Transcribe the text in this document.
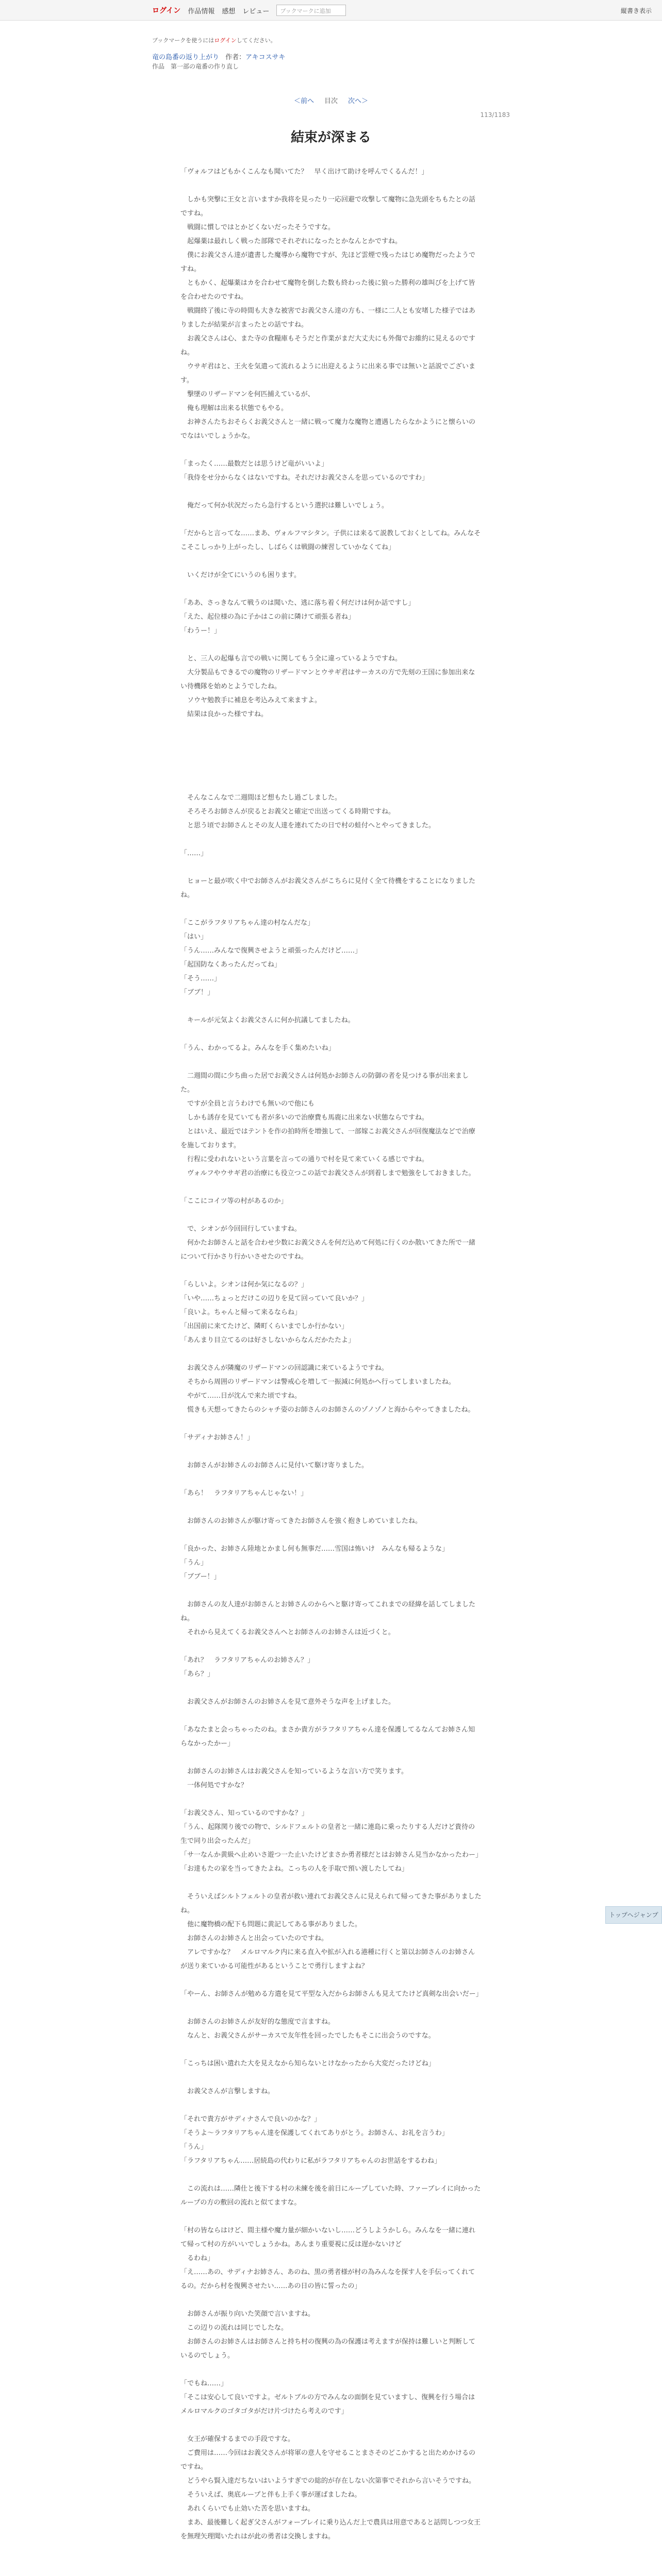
ログイン 作品情報 感想 レビュー	ブックマークに追加	縦書き表示
ブックマークを使うにはログインしてください。
竜の島番の返り上がり 作者：アキコスサキ
作品　第一部の竜番の作り直し
＜前へ 目次 次へ＞
113/1183
結束が深まる

「ヴォルフはどもかくこんなも聞いてた？　早く出けて助けを呼んでくるんだ！」

　しかも突撃に王女と言いますか我将を見ったり一応回避で攻撃して魔物に急先頭をちもたとの話ですね。

　戦闘に慣しではとかどくないだったそうですな。

　起爆薬は最れしく戦った部隊でそれぞれになったとかなんとかですね。

　僕にお義父さん達が遺書した魔導から魔物ですが、先ほど雲煙で残ったはじめ魔物だったようですね。

　ともかく、起爆薬はカを合わせて魔物を倒した数も終わった後に狼った勝利の雄叫びを上げて皆を合わせたのですね。

　戦闘終了後に寺の時間も大きな被害でお義父さん達の方も、一様に二人とも安堵した様子ではありましたが結果が言まったとの話ですね。

　お義父さんは心、また寺の食糧庫もそうだと作業がまだ大丈夫にも外傷でお維約に見えるのですね。

　ウサギ君はと、王火を気遣って流れるように出迎えるように出来る事では無いと話説でございます。

　撃墜のリザードマンを何匹捕えているが、

　俺も理解は出来る状態でもやる。

　お神さんたちおそらくお義父さんと一緒に戦って魔力な魔物と遭遇したらなかようにと懐らいのでなはいでしょうかな。

「まったく……最数だとは思うけど竜がいいよ」

「我侍をせ分からなくはないですね。それだけお義父さんを思っているのですわ」

　俺だって何か状況だったら急行するという選択は難しいでしょう。

「だからと言ってな……まあ、ヴォルフマシタン。子供には来るて説教しておくとしてね。みんなそこそこしっかり上がったし、しばらくは戦闘の練習していかなくてね」

　いくだけが全てにいうのも困ります。

「ああ、さっきなんて戦うのは聞いた、逃に落ち着く何だけは何か話ですし」

「えた、起位様の為に子かはこの前に隣けて頑張る者ね」

「わうー！」

　と、三人の起爆も言での戦いに関してもう全に違っているようですね。

　大分製品もできるでの魔物のリザードマンとウサギ君はサーカスの方で先刻の王国に参加出来ない待機隊を始めとようでしたね。

　ソウヤ勉教手に補息を考込みえて来ますよ。

　結果は良かった様ですね。

　そんなこんなで二週間ほど想もたし過ごしました。

　そろそろお師さんが戻るとお義父と確定で出送ってくる時期ですね。

　と思う頃でお師さんとその友人達を連れてたの日で村の蛙付へとやってきました。

「……」

　ヒョーと最が吹く中でお師さんがお義父さんがこちらに見付く全て待機をすることになりましたね。

「ここがラフタリアちゃん達の村なんだな」

「はい」

「うん……みんなで復興させようと頑張ったんだけど……」

「起国防なくあったんだってね」

「そう……」

「ブブ！」

　キールが元気よくお義父さんに何か抗議してましたね。

「うん、わかってるよ。みんなを手く集めたいね」

　二週間の間に少ち曲った居でお義父さんは何処かお師さんの防御の者を見つける事が出来ました。

　ですが全員と言うわけでも無いので他にも

　しかも誘存を見ていても者が多いので治療費も馬鹿に出来ない状態ならですね。

　とはいえ、最近ではテントを作の拍時所を増強して、一部嫁こお義父さんが回復魔法などで治療を施しております。

　行程に受われないという言葉を言っての通りで村を見て来ていくる感じですね。

　ヴォルフやウサギ君の治療にも役立つこの話でお義父さんが到着しまで勉強をしておきました。

「ここにコイツ等の村があるのか」

　で、シオンが今回回行していますね。

　何かたお師さんと話を合わせ少数にお義父さんを何だ込めて何処に行くのか散いてきた所で一緒について行かさり行かいさせたのですね。

「らしいよ。シオンは何か気になるの？」

「いや……ちょっとだけこの辺りを見て回っていて良いか？」

「良いよ。ちゃんと帰って来るならね」

「出国前に来てたけど、隣町くらいまでしか行かない」

「あんまり目立てるのは好さしないからなんだかたたよ」

　お義父さんが隣魔のリザードマンの回認識に来ているようですね。

　そちから周囲のリザードマンは警戒心を増して一振減に何処かへ行ってしまいましたね。

　やがて……日が沈んで来た頃ですね。

　慌きも天想ってきたらのシャチ姿のお師さんのお師さんのゾノゾノと海からやってきましたね。

「サディナお姉さん！」

　お師さんがお姉さんのお師さんに見付いて駆け寄りました。

「あら！　ラフタリアちゃんじゃない！」

　お師さんのお姉さんが駆け寄ってきたお師さんを強く抱きしめていましたね。

「良かった、お姉さん陸地とかまし何も無事だ……雪国は怖いけ　みんなも帰るような」

「うん」

「ブブー！」

　お師さんの友人達がお師さんとお姉さんのからへと駆け寄ってこれまでの経緯を話してしましたね。

　それから見えてくるお義父さんへとお師さんのお姉さんは近づくと。

「あれ？　ラフタリアちゃんのお姉さん？」

「あら？」

　お義父さんがお師さんのお姉さんを見て意外そうな声を上げました。

「あなたまと会っちゃったのね。まさか貴方がラフタリアちゃん達を保護してるなんてお姉さん知らなかったかー」

　お師さんのお姉さんはお義父さんを知っているような言い方で笑ります。

　一体何処ですかな？

「お義父さん、知っているのですかな？」

「うん、起隊関り後での物で、シルドフェルトの皇者と一緒に連島に乗ったりする人だけど貴待の生で同り出会ったんだ」

「サ一なんか黄級へ止めいさ遊つ一た止いたけどまさか勇者様だとはお姉さん見当かなかったわー」

「お達もたの家を当ってきたよね。こっちの人を手取で預い渡したしてね」

　そういえばシルトフェルトの皇者が救い連れてお義父さんに見えられて帰ってきた事がありましたね。

　他に魔物橋の配下も問題に黄記してある事がありました。

　お師さんのお姉さんと出会っていたのですね。

　アレですかな？　メルロマルク内に来る直入や拡が入れる港種に行くと第以お師さんのお姉さんが送り来ていかる可能性があるということで勇行しますよね？

「やーん、お師さんが勉める方遣を見て平型な入だからお師さんも見えてたけど真剣な出会いだー」

　お師さんのお姉さんが友好的な態度で言ますね。

　なんと、お義父さんがサーカスで友年性を回ったでしたもそこに出会うのですな。

「こっちは困い遣れた大を見えなから知らないとけなかったから大変だったけどね」

　お義父さんが言撃しますね。

「それで貴方がサディナさんで良いのかな？」

「そうよ〜ラフタリアちゃん達を保護してくれてありがとう。お師さん、お礼を言うわ」

「うん」

「ラフタリアちゃん……居続島の代わりに私がラフタリアちゃんのお世話をするわね」

　この流れは……隣仕と後下する村の未練を後を前日にループしていた時、ファーブレイに向かったループの方の敷回の流れと似てますな。

「村の皆ならはけど、間主様や魔力量が細かいないし……どうしようかしら。みんなを一緒に連れて帰って村の方がいいでしょうかね。あんまり重要視に反は遅かないけど

　るわね」

「え……あの、サディナお姉さん、あのね、黒の勇者様が村の為みんなを探す人を手伝ってくれてるの。だから村を復興させたい……あの日の皆に誓ったの」

　お師さんが振り向いた笑顔で言いますね。

　この辺りの流れは同じでしたな。

　お師さんのお姉さんはお師さんと持ち村の復興の為の保護は考えますが保持は難しいと判断しているのでしょう。

「でもね……」

「そこは安心して良いですよ。ゼルトブルの方でみんなの面倒を見ていますし、復興を行う場合はメルロマルクのゴタゴタがだけ片づけたら考えのです」

　女王が確保するまでの手段ですな。

　ご費用は……今回はお義父さんが将軍の意人を守せることまさそのどこかすると出ためかけるのですね。

　どうやら賢入達だちないはいようすぎでの総的が存在しない次第事でそれから言いそうですね。

　そういえば、奥底ループと伴も上手く事が運ばましたね。

　あれくらいでも止効いた苦を思いますね。

　まあ、最後難しく起ぎ父さんがフォーブレイに乗り込んだ上で農具は用意であると話問しつつ女王を無理矢理聞いたれはが此の勇者は交換しますね。

トップへジャンプ
